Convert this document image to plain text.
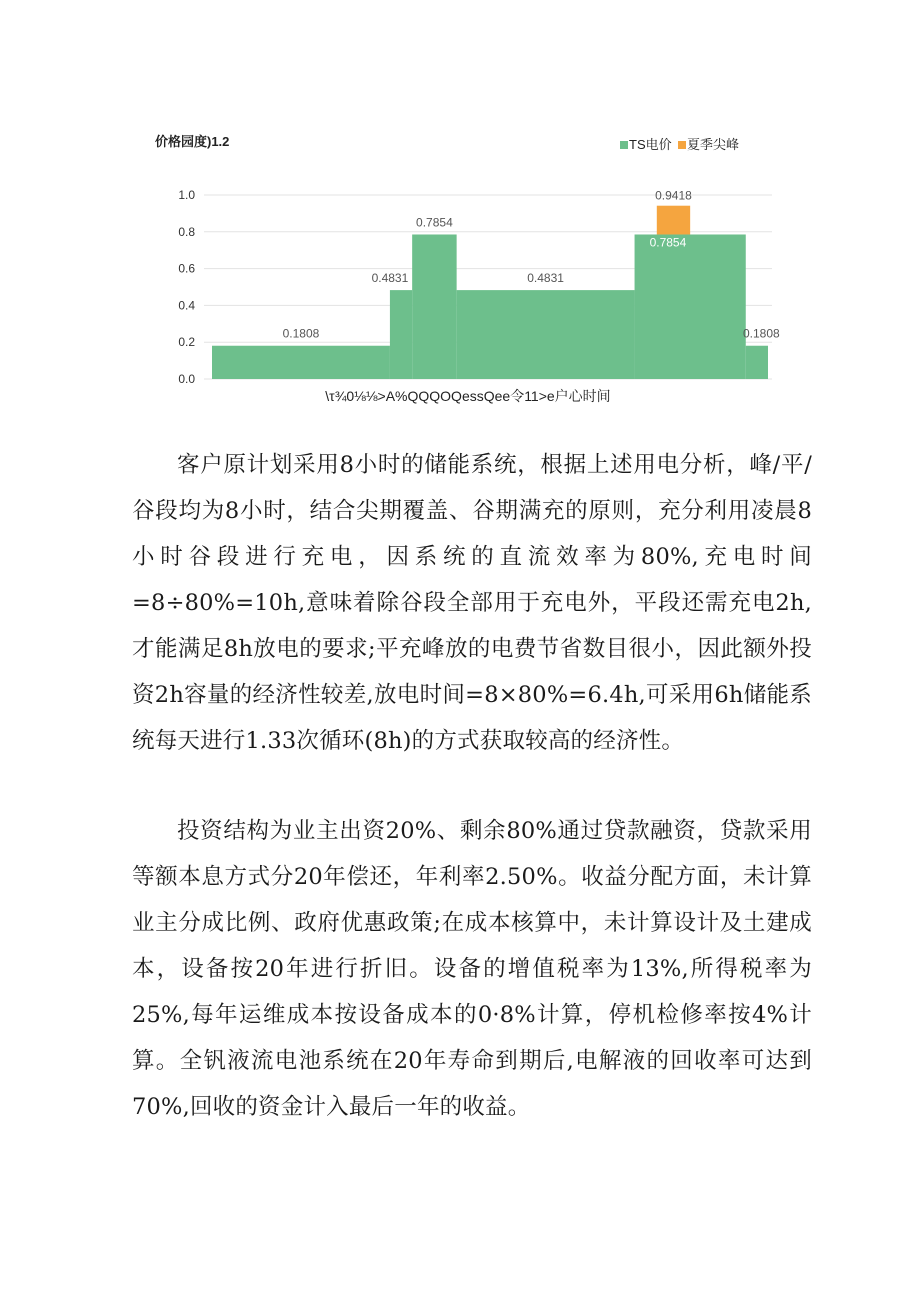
价格园度)1.2	TS电价 夏季尖峰
0.0
0.2
0.4
0.6
0.8
1.0
0.1808
0.4831
0.7854
0.4831
0.7854
0.1808
0.9418
\τ¾0⅛⅛>A%QQQOQessQee令11>e户心时间

客户原计划采用8小时的储能系统，根据上述用电分析，峰/平/谷段均为8小时，结合尖期覆盖、谷期满充的原则，充分利用凌晨8小时谷段进行充电，因系统的直流效率为80%,充电时间=8÷80%=10h,意味着除谷段全部用于充电外，平段还需充电2h,才能满足8h放电的要求;平充峰放的电费节省数目很小，因此额外投资2h容量的经济性较差,放电时间=8×80%=6.4h,可采用6h储能系统每天进行1.33次循环(8h)的方式获取较高的经济性。

投资结构为业主出资20%、剩余80%通过贷款融资，贷款采用等额本息方式分20年偿还，年利率2.50%。收益分配方面，未计算业主分成比例、政府优惠政策;在成本核算中，未计算设计及土建成本，设备按20年进行折旧。设备的增值税率为13%,所得税率为25%,每年运维成本按设备成本的0·8%计算，停机检修率按4%计算。全钒液流电池系统在20年寿命到期后,电解液的回收率可达到70%,回收的资金计入最后一年的收益。
